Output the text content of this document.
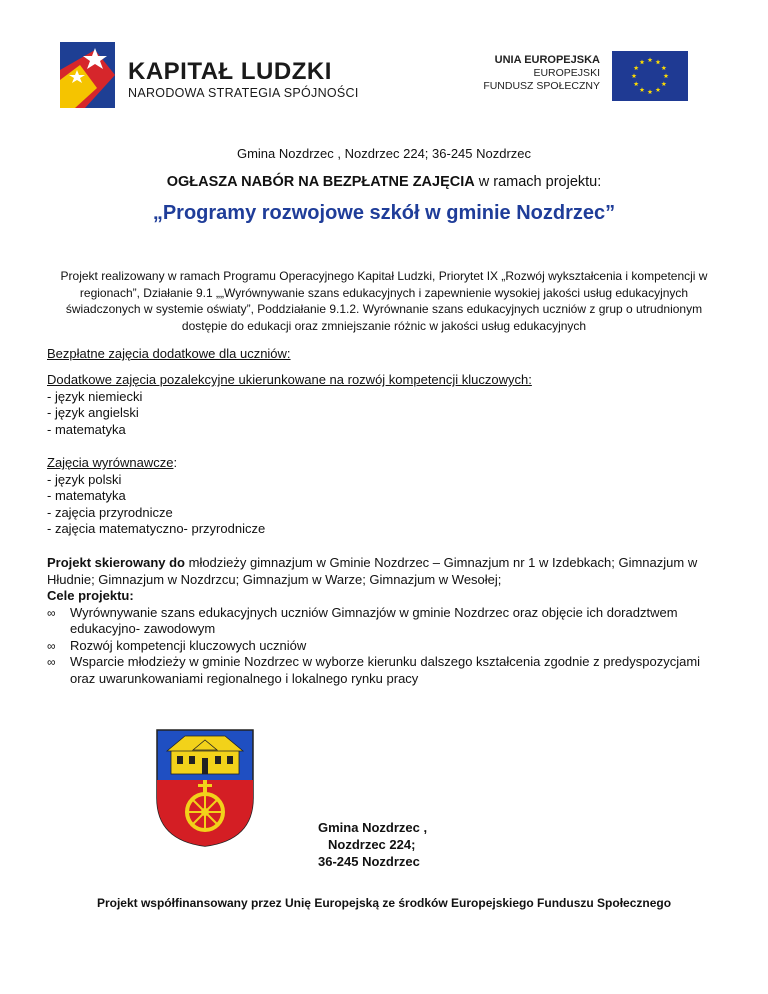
KAPITAŁ LUDZKI
NARODOWA STRATEGIA SPÓJNOŚCI
UNIA EUROPEJSKA
EUROPEJSKI
FUNDUSZ SPOŁECZNY
Gmina Nozdrzec , Nozdrzec 224; 36-245 Nozdrzec
OGŁASZA NABÓR NA BEZPŁATNE ZAJĘCIA w ramach projektu:
„Programy rozwojowe szkół w gminie Nozdrzec”
Projekt realizowany w ramach Programu Operacyjnego Kapitał Ludzki, Priorytet IX „Rozwój wykształcenia i kompetencji w regionach”, Działanie 9.1 „„Wyrównywanie szans edukacyjnych i zapewnienie wysokiej jakości usług edukacyjnych świadczonych w systemie oświaty”, Poddziałanie 9.1.2. Wyrównanie szans edukacyjnych uczniów z grup o utrudnionym dostępie do edukacji oraz zmniejszanie różnic w jakości usług edukacyjnych
Bezpłatne zajęcia dodatkowe dla uczniów:
Dodatkowe zajęcia pozalekcyjne ukierunkowane na rozwój kompetencji kluczowych:
- język niemiecki
- język angielski
- matematyka
Zajęcia wyrównawcze:
- język polski
- matematyka
- zajęcia przyrodnicze
- zajęcia matematyczno- przyrodnicze
Projekt skierowany do młodzieży gimnazjum w Gminie Nozdrzec – Gimnazjum nr 1 w Izdebkach; Gimnazjum w Hłudnie; Gimnazjum w Nozdrzcu; Gimnazjum w Warze; Gimnazjum w Wesołej;
Cele projektu:
∞ Wyrównywanie szans edukacyjnych uczniów Gimnazjów w gminie Nozdrzec oraz objęcie ich doradztwem edukacyjno- zawodowym
∞ Rozwój kompetencji kluczowych uczniów
∞ Wsparcie młodzieży w gminie Nozdrzec w wyborze kierunku dalszego kształcenia zgodnie z predyspozycjami oraz uwarunkowaniami regionalnego i lokalnego rynku pracy
Gmina Nozdrzec ,
Nozdrzec 224;
36-245 Nozdrzec
Projekt współfinansowany przez Unię Europejską ze środków Europejskiego Funduszu Społecznego
